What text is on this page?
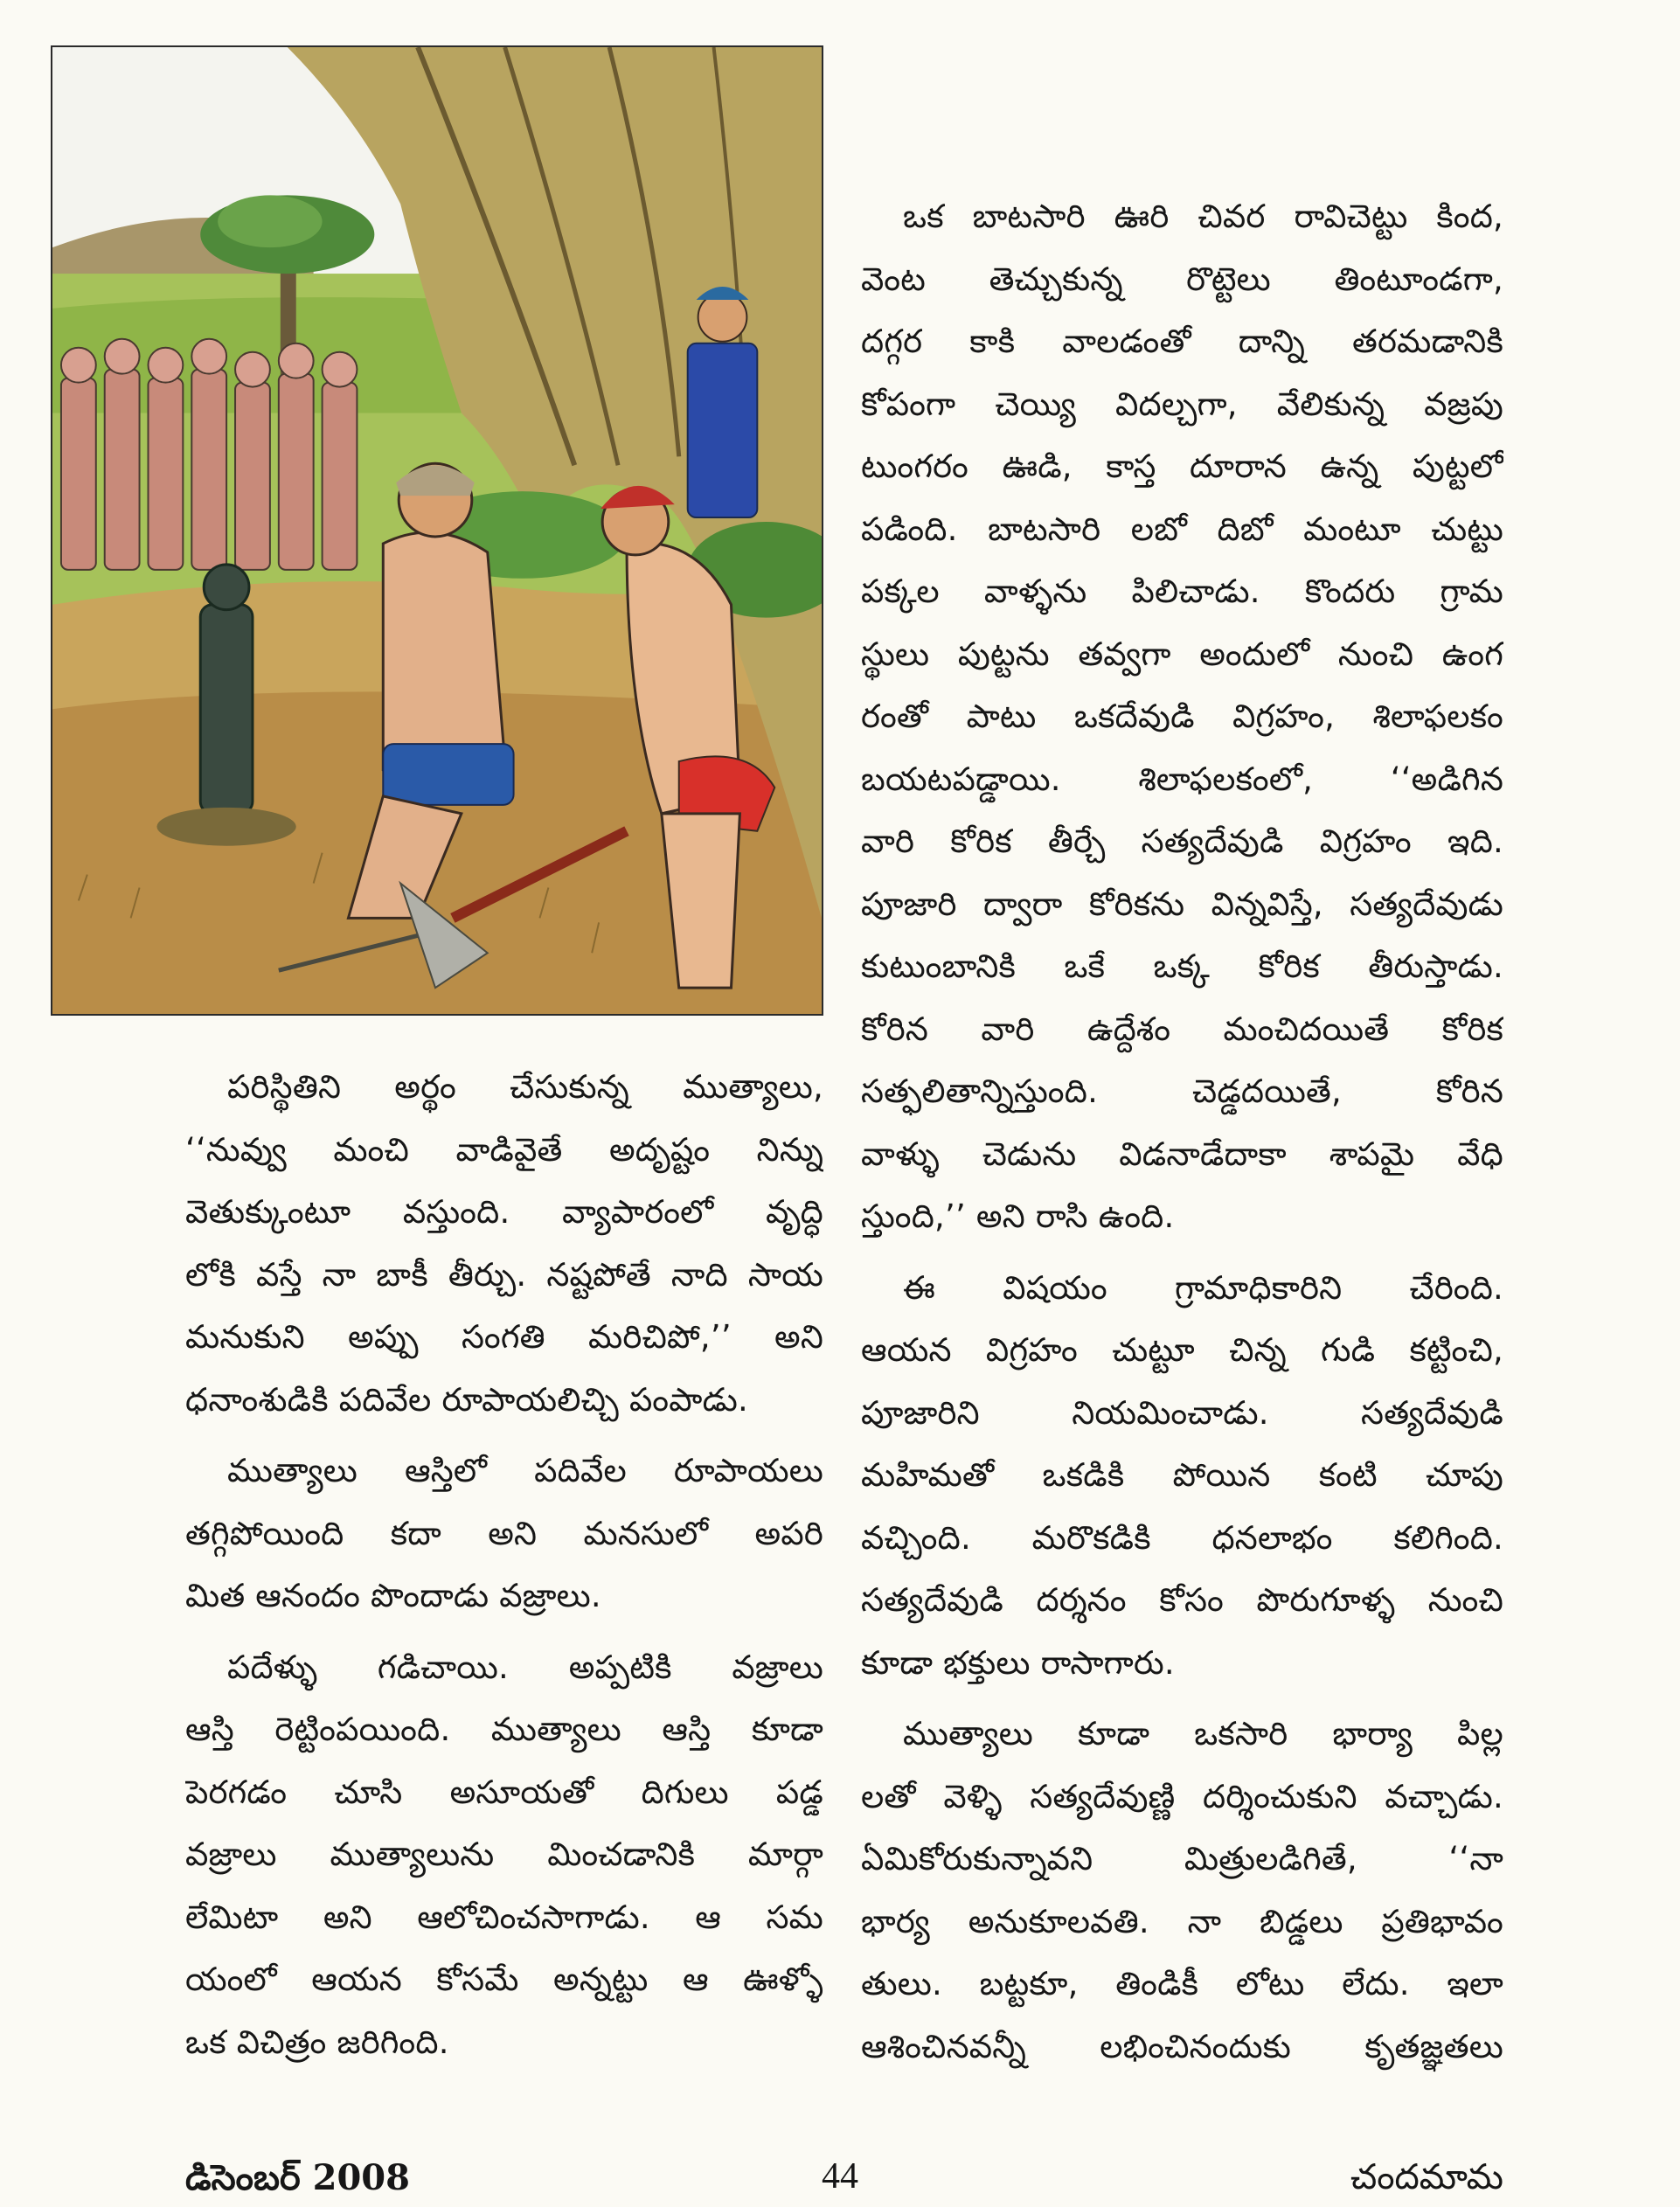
పరిస్థితిని అర్థం చేసుకున్న ముత్యాలు,
‘‘నువ్వు మంచి వాడివైతే అదృష్టం నిన్ను
వెతుక్కుంటూ వస్తుంది. వ్యాపారంలో వృద్ధి
లోకి వస్తే నా బాకీ తీర్చు. నష్టపోతే నాది సాయ
మనుకుని అప్పు సంగతి మరిచిపో,’’ అని
ధనాంశుడికి పదివేల రూపాయలిచ్చి పంపాడు.

ముత్యాలు ఆస్తిలో పదివేల రూపాయలు
తగ్గిపోయింది కదా అని మనసులో అపరి
మిత ఆనందం పొందాడు వజ్రాలు.

పదేళ్ళు గడిచాయి. అప్పటికి వజ్రాలు
ఆస్తి రెట్టింపయింది. ముత్యాలు ఆస్తి కూడా
పెరగడం చూసి అసూయతో దిగులు పడ్డ
వజ్రాలు ముత్యాలును మించడానికి మార్గా
లేమిటా అని ఆలోచించసాగాడు. ఆ సమ
యంలో ఆయన కోసమే అన్నట్టు ఆ ఊళ్ళో
ఒక విచిత్రం జరిగింది.

ఒక బాటసారి ఊరి చివర రావిచెట్టు కింద,
వెంట తెచ్చుకున్న రొట్టెలు తింటూండగా,
దగ్గర కాకి వాలడంతో దాన్ని తరమడానికి
కోపంగా చెయ్యి విదల్చగా, వేలికున్న వజ్రపు
టుంగరం ఊడి, కాస్త దూరాన ఉన్న పుట్టలో
పడింది. బాటసారి లబో దిబో మంటూ చుట్టు
పక్కల వాళ్ళను పిలిచాడు. కొందరు గ్రామ
స్థులు పుట్టను తవ్వగా అందులో నుంచి ఉంగ
రంతో పాటు ఒకదేవుడి విగ్రహం, శిలాఫలకం
బయటపడ్డాయి. శిలాఫలకంలో, ‘‘అడిగిన
వారి కోరిక తీర్చే సత్యదేవుడి విగ్రహం ఇది.
పూజారి ద్వారా కోరికను విన్నవిస్తే, సత్యదేవుడు
కుటుంబానికి ఒకే ఒక్క కోరిక తీరుస్తాడు.
కోరిన వారి ఉద్దేశం మంచిదయితే కోరిక
సత్ఫలితాన్నిస్తుంది. చెడ్డదయితే, కోరిన
వాళ్ళు చెడును విడనాడేదాకా శాపమై వేధి
స్తుంది,’’ అని రాసి ఉంది.

ఈ విషయం గ్రామాధికారిని చేరింది.
ఆయన విగ్రహం చుట్టూ చిన్న గుడి కట్టించి,
పూజారిని నియమించాడు. సత్యదేవుడి
మహిమతో ఒకడికి పోయిన కంటి చూపు
వచ్చింది. మరొకడికి ధనలాభం కలిగింది.
సత్యదేవుడి దర్శనం కోసం పొరుగూళ్ళ నుంచి
కూడా భక్తులు రాసాగారు.

ముత్యాలు కూడా ఒకసారి భార్యా పిల్ల
లతో వెళ్ళి సత్యదేవుణ్ణి దర్శించుకుని వచ్చాడు.
ఏమికోరుకున్నావని మిత్రులడిగితే, ‘‘నా
భార్య అనుకూలవతి. నా బిడ్డలు ప్రతిభావం
తులు. బట్టకూ, తిండికీ లోటు లేదు. ఇలా
ఆశించినవన్నీ లభించినందుకు కృతజ్ఞతలు

డిసెంబర్ 2008	44	చందమామ
